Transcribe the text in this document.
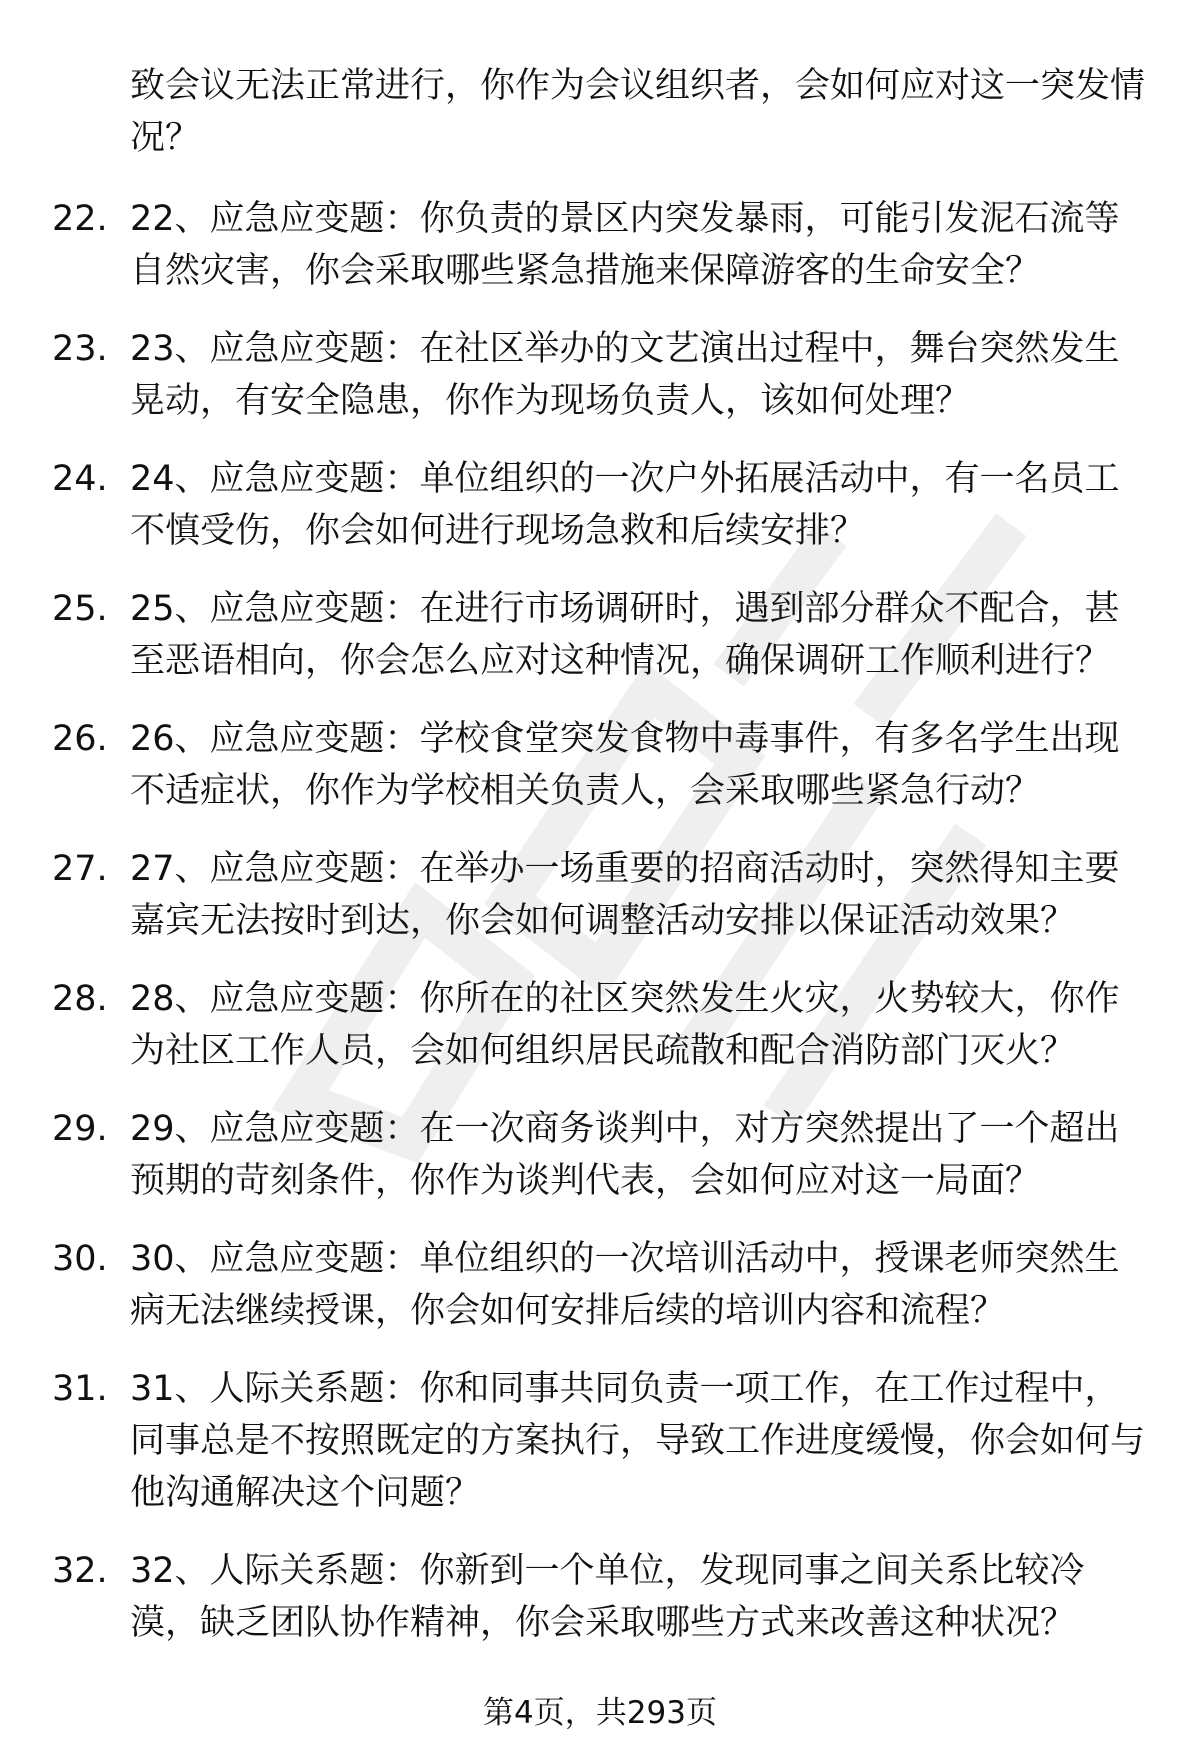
致会议无法正常进行，你作为会议组织者，会如何应对这一突发情况？
22. 22、应急应变题：你负责的景区内突发暴雨，可能引发泥石流等自然灾害，你会采取哪些紧急措施来保障游客的生命安全？
23. 23、应急应变题：在社区举办的文艺演出过程中，舞台突然发生晃动，有安全隐患，你作为现场负责人，该如何处理？
24. 24、应急应变题：单位组织的一次户外拓展活动中，有一名员工不慎受伤，你会如何进行现场急救和后续安排？
25. 25、应急应变题：在进行市场调研时，遇到部分群众不配合，甚至恶语相向，你会怎么应对这种情况，确保调研工作顺利进行？
26. 26、应急应变题：学校食堂突发食物中毒事件，有多名学生出现不适症状，你作为学校相关负责人，会采取哪些紧急行动？
27. 27、应急应变题：在举办一场重要的招商活动时，突然得知主要嘉宾无法按时到达，你会如何调整活动安排以保证活动效果？
28. 28、应急应变题：你所在的社区突然发生火灾，火势较大，你作为社区工作人员，会如何组织居民疏散和配合消防部门灭火？
29. 29、应急应变题：在一次商务谈判中，对方突然提出了一个超出预期的苛刻条件，你作为谈判代表，会如何应对这一局面？
30. 30、应急应变题：单位组织的一次培训活动中，授课老师突然生病无法继续授课，你会如何安排后续的培训内容和流程？
31. 31、人际关系题：你和同事共同负责一项工作，在工作过程中，同事总是不按照既定的方案执行，导致工作进度缓慢，你会如何与他沟通解决这个问题？
32. 32、人际关系题：你新到一个单位，发现同事之间关系比较冷漠，缺乏团队协作精神，你会采取哪些方式来改善这种状况？
第4页，共293页
